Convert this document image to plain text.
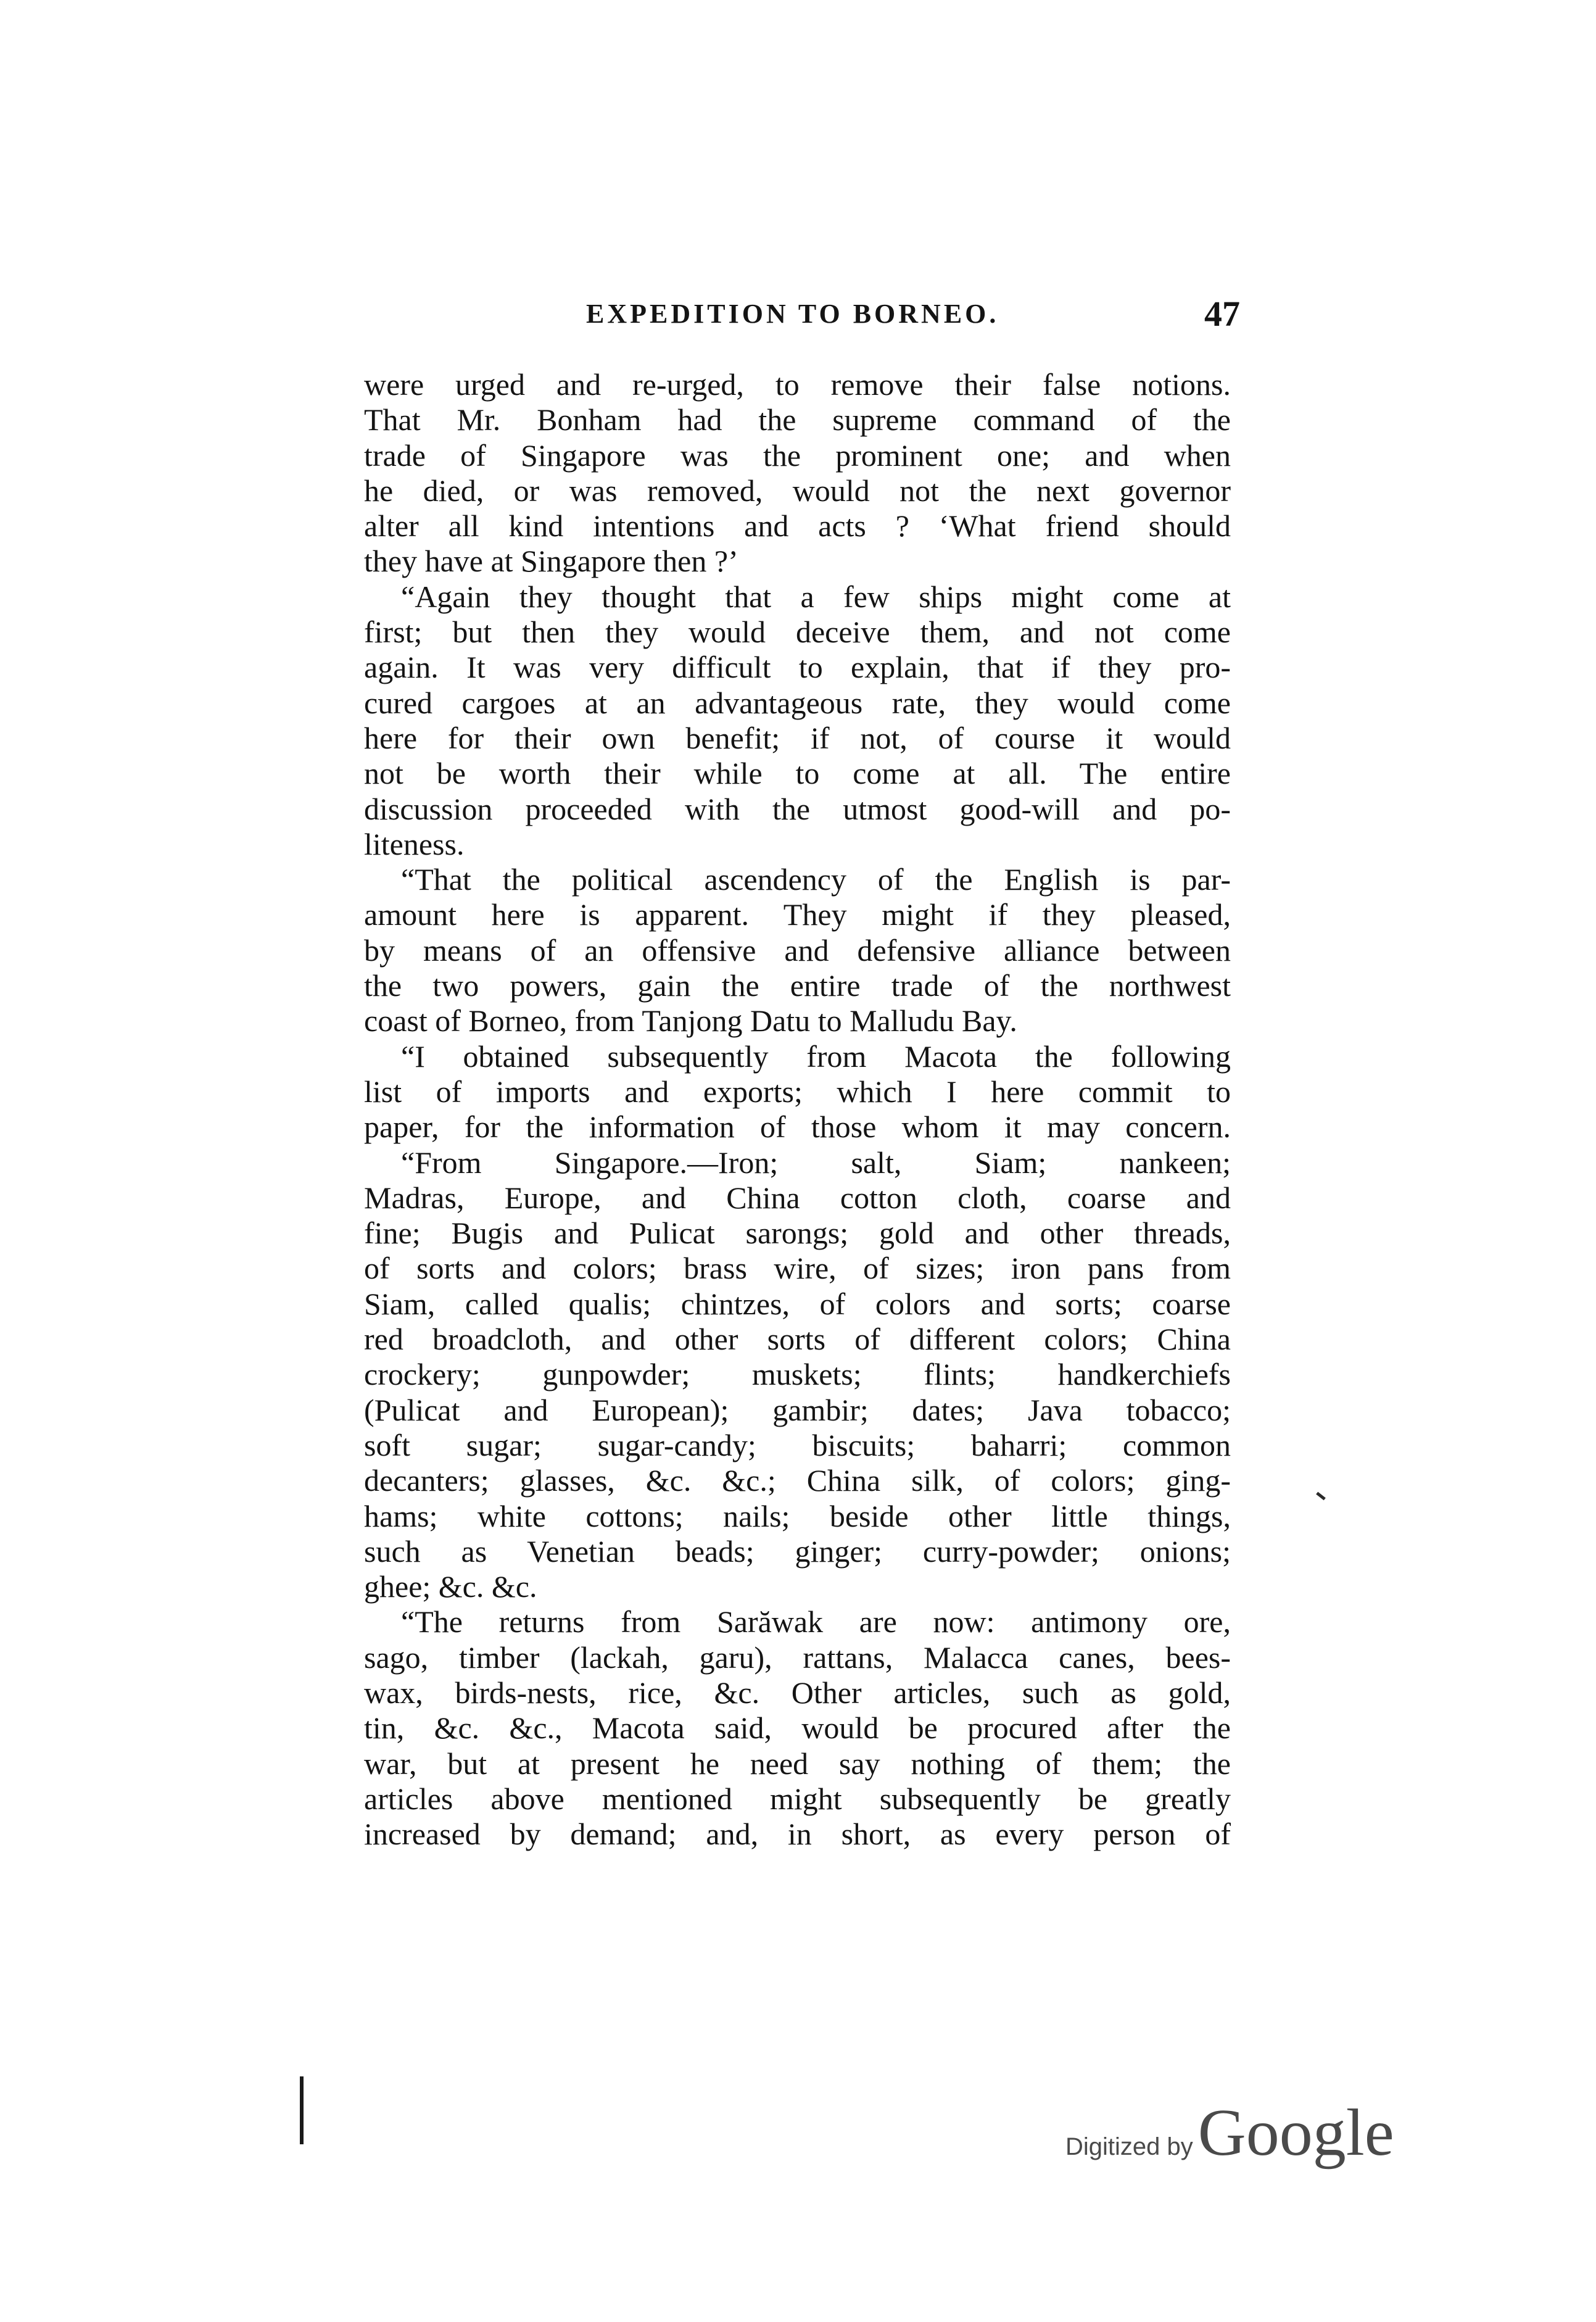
EXPEDITION TO BORNEO.	47
were urged and re-urged, to remove their false notions.
That Mr. Bonham had the supreme command of the
trade of Singapore was the prominent one; and when
he died, or was removed, would not the next governor
alter all kind intentions and acts ? ‘What friend should
they have at Singapore then ?’
“Again they thought that a few ships might come at
first; but then they would deceive them, and not come
again. It was very difficult to explain, that if they pro-
cured cargoes at an advantageous rate, they would come
here for their own benefit; if not, of course it would
not be worth their while to come at all. The entire
discussion proceeded with the utmost good-will and po-
liteness.
“That the political ascendency of the English is par-
amount here is apparent. They might if they pleased,
by means of an offensive and defensive alliance between
the two powers, gain the entire trade of the northwest
coast of Borneo, from Tanjong Datu to Malludu Bay.
“I obtained subsequently from Macota the following
list of imports and exports; which I here commit to
paper, for the information of those whom it may concern.
“From Singapore.—Iron; salt, Siam; nankeen;
Madras, Europe, and China cotton cloth, coarse and
fine; Bugis and Pulicat sarongs; gold and other threads,
of sorts and colors; brass wire, of sizes; iron pans from
Siam, called qualis; chintzes, of colors and sorts; coarse
red broadcloth, and other sorts of different colors; China
crockery; gunpowder; muskets; flints; handkerchiefs
(Pulicat and European); gambir; dates; Java tobacco;
soft sugar; sugar-candy; biscuits; baharri; common
decanters; glasses, &c. &c.; China silk, of colors; ging-
hams; white cottons; nails; beside other little things,
such as Venetian beads; ginger; curry-powder; onions;
ghee; &c. &c.
“The returns from Sarăwak are now: antimony ore,
sago, timber (lackah, garu), rattans, Malacca canes, bees-
wax, birds-nests, rice, &c. Other articles, such as gold,
tin, &c. &c., Macota said, would be procured after the
war, but at present he need say nothing of them; the
articles above mentioned might subsequently be greatly
increased by demand; and, in short, as every person of
Digitized by Google
